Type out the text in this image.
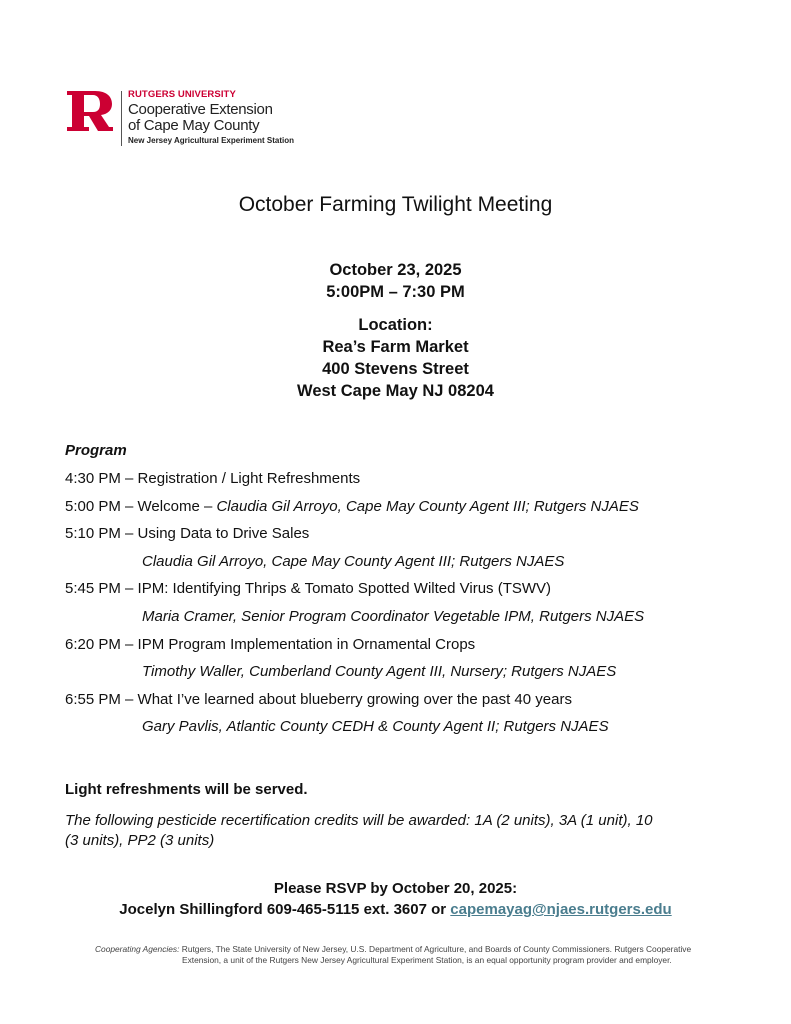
RUTGERS UNIVERSITY
Cooperative Extension
of Cape May County
New Jersey Agricultural Experiment Station
October Farming Twilight Meeting
October 23, 2025
5:00PM – 7:30 PM
Location:
Rea’s Farm Market
400 Stevens Street
West Cape May NJ 08204
Program
4:30 PM – Registration / Light Refreshments
5:00 PM – Welcome – Claudia Gil Arroyo, Cape May County Agent III; Rutgers NJAES
5:10 PM – Using Data to Drive Sales
Claudia Gil Arroyo, Cape May County Agent III; Rutgers NJAES
5:45 PM – IPM: Identifying Thrips & Tomato Spotted Wilted Virus (TSWV)
Maria Cramer, Senior Program Coordinator Vegetable IPM, Rutgers NJAES
6:20 PM – IPM Program Implementation in Ornamental Crops
Timothy Waller, Cumberland County Agent III, Nursery; Rutgers NJAES
6:55 PM – What I’ve learned about blueberry growing over the past 40 years
Gary Pavlis, Atlantic County CEDH & County Agent II; Rutgers NJAES
Light refreshments will be served.
The following pesticide recertification credits will be awarded: 1A (2 units), 3A (1 unit), 10 (3 units), PP2 (3 units)
Please RSVP by October 20, 2025:
Jocelyn Shillingford 609-465-5115 ext. 3607 or capemayag@njaes.rutgers.edu
Cooperating Agencies: Rutgers, The State University of New Jersey, U.S. Department of Agriculture, and Boards of County Commissioners. Rutgers Cooperative
Extension, a unit of the Rutgers New Jersey Agricultural Experiment Station, is an equal opportunity program provider and employer.
